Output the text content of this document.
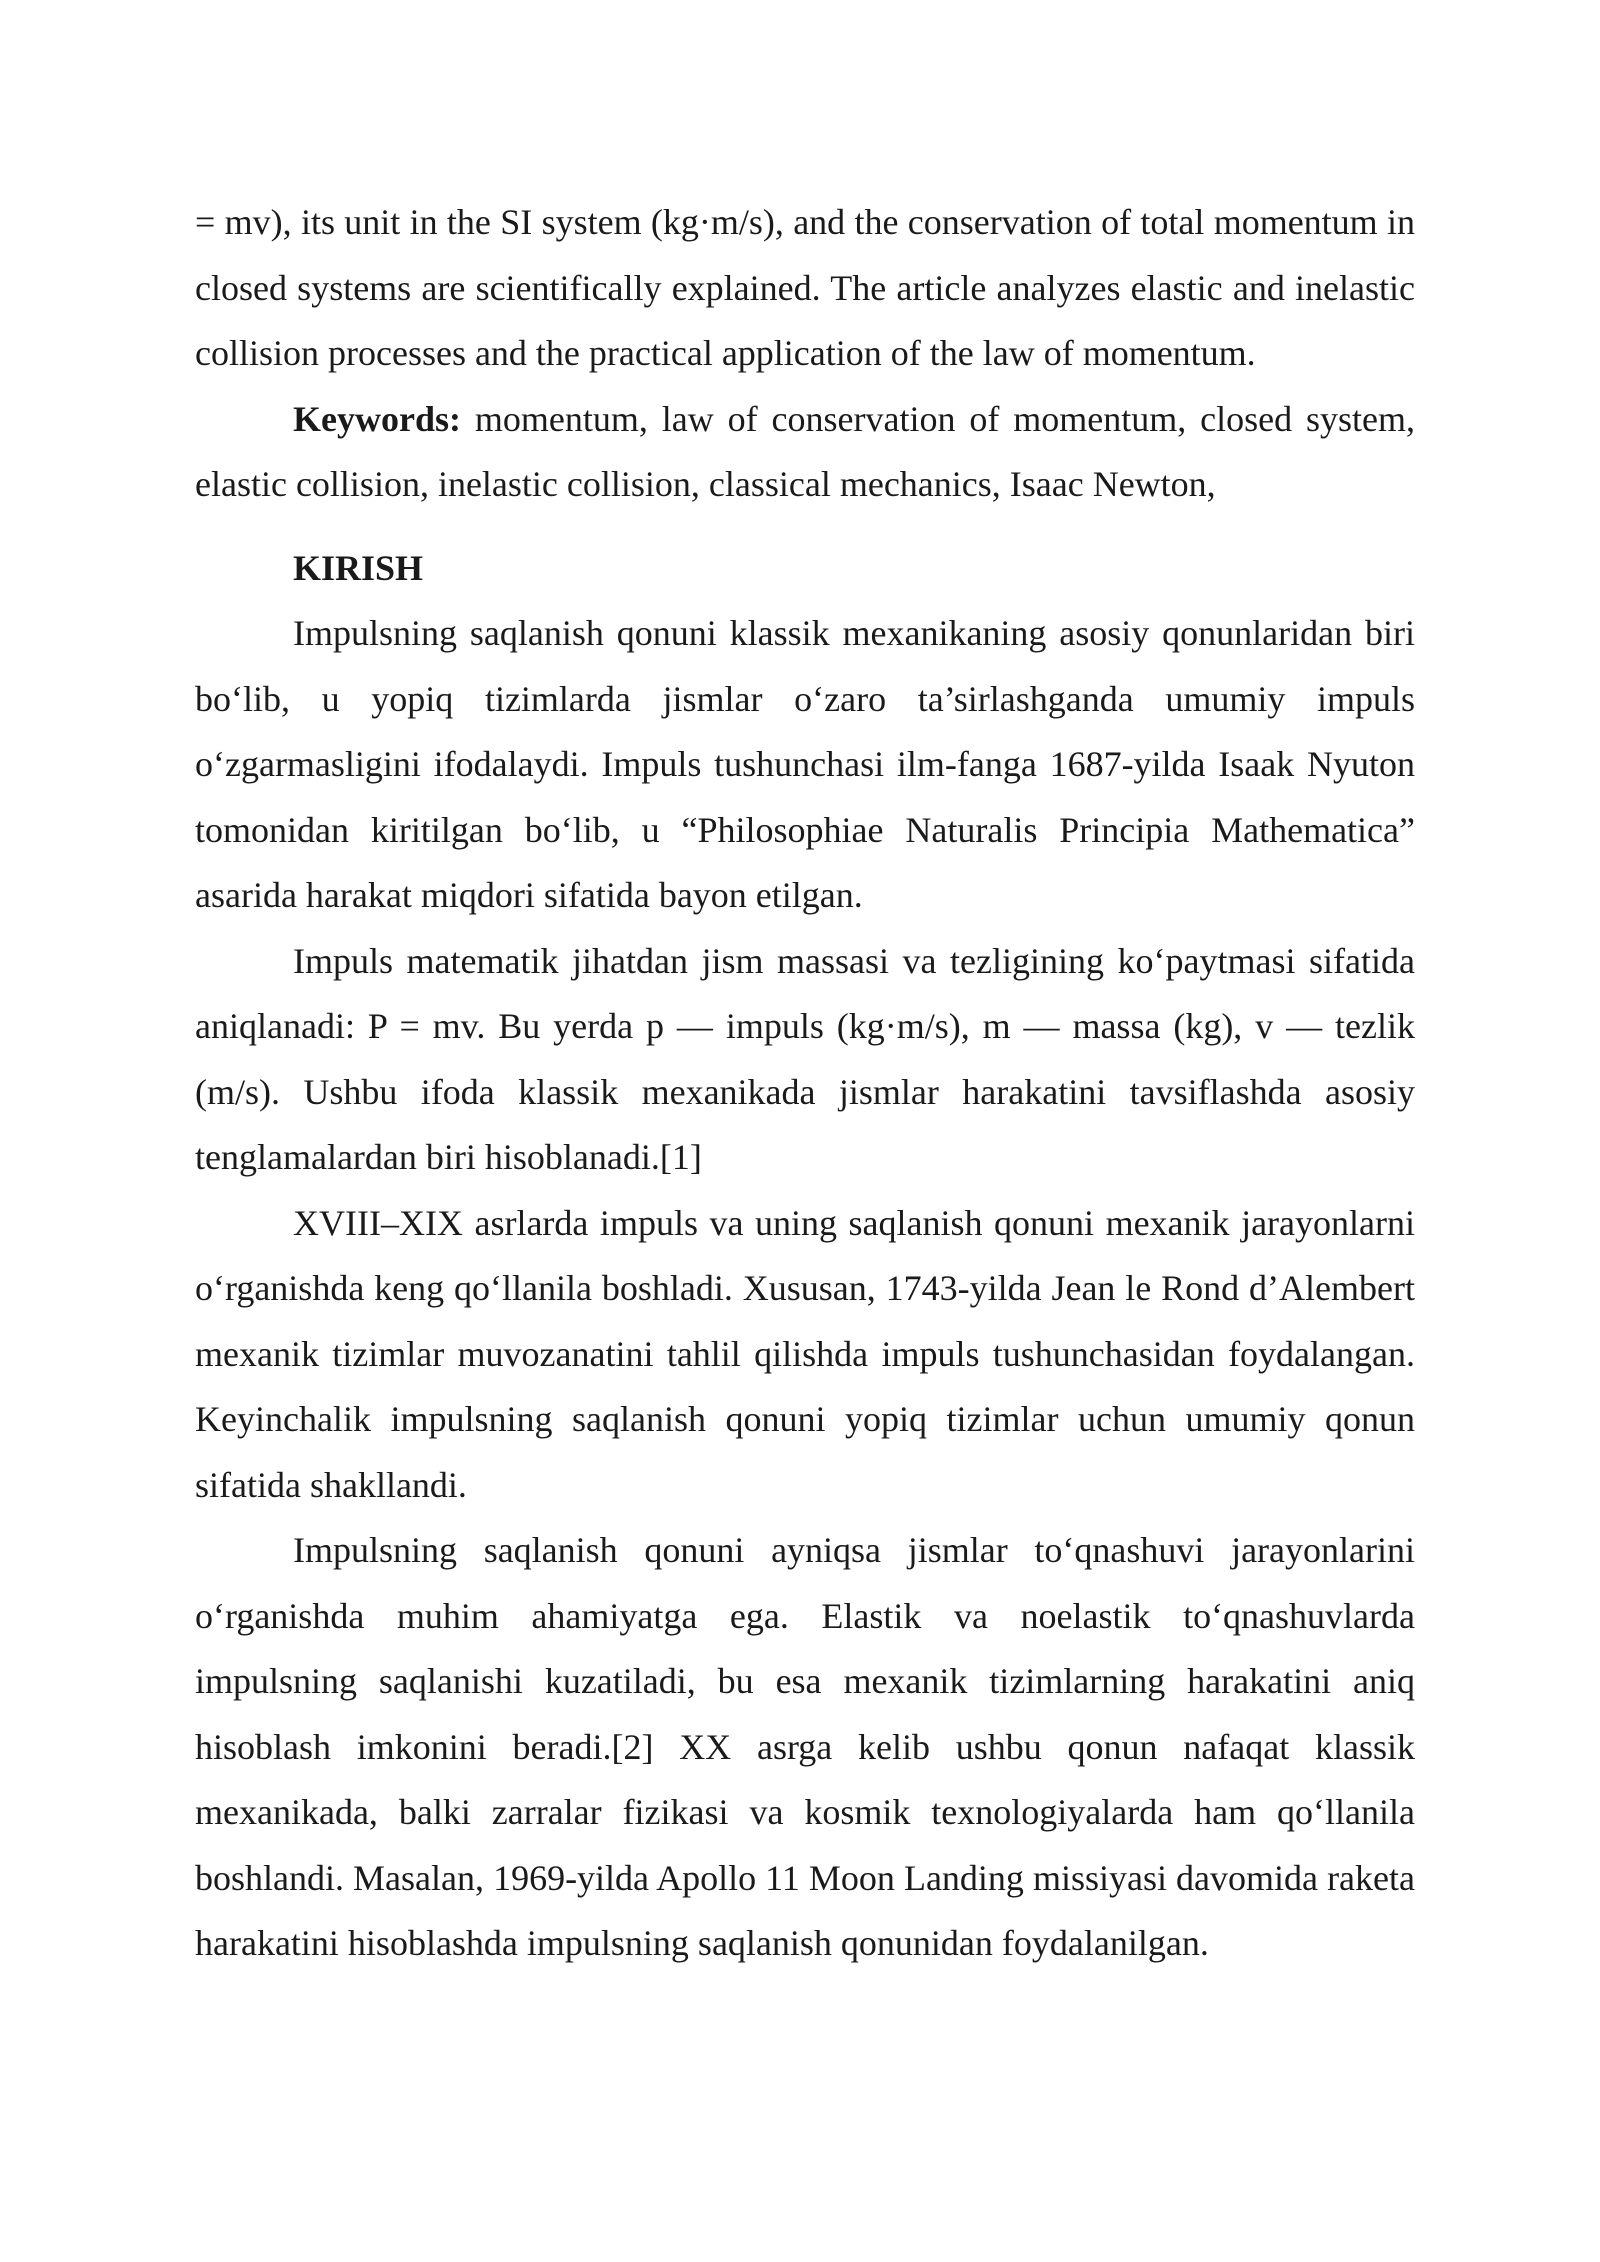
= mv), its unit in the SI system (kg·m/s), and the conservation of total momentum in closed systems are scientifically explained. The article analyzes elastic and inelastic collision processes and the practical application of the law of momentum.

Keywords: momentum, law of conservation of momentum, closed system, elastic collision, inelastic collision, classical mechanics, Isaac Newton,

KIRISH

Impulsning saqlanish qonuni klassik mexanikaning asosiy qonunlaridan biri bo‘lib, u yopiq tizimlarda jismlar o‘zaro ta’sirlashganda umumiy impuls o‘zgarmasligini ifodalaydi. Impuls tushunchasi ilm-fanga 1687-yilda Isaak Nyuton tomonidan kiritilgan bo‘lib, u “Philosophiae Naturalis Principia Mathematica” asarida harakat miqdori sifatida bayon etilgan.

Impuls matematik jihatdan jism massasi va tezligining ko‘paytmasi sifatida aniqlanadi: P = mv. Bu yerda p — impuls (kg·m/s), m — massa (kg), v — tezlik (m/s). Ushbu ifoda klassik mexanikada jismlar harakatini tavsiflashda asosiy tenglamalardan biri hisoblanadi.[1]

XVIII–XIX asrlarda impuls va uning saqlanish qonuni mexanik jarayonlarni o‘rganishda keng qo‘llanila boshladi. Xususan, 1743-yilda Jean le Rond d’Alembert mexanik tizimlar muvozanatini tahlil qilishda impuls tushunchasidan foydalangan. Keyinchalik impulsning saqlanish qonuni yopiq tizimlar uchun umumiy qonun sifatida shakllandi.

Impulsning saqlanish qonuni ayniqsa jismlar to‘qnashuvi jarayonlarini o‘rganishda muhim ahamiyatga ega. Elastik va noelastik to‘qnashuvlarda impulsning saqlanishi kuzatiladi, bu esa mexanik tizimlarning harakatini aniq hisoblash imkonini beradi.[2] XX asrga kelib ushbu qonun nafaqat klassik mexanikada, balki zarralar fizikasi va kosmik texnologiyalarda ham qo‘llanila boshlandi. Masalan, 1969-yilda Apollo 11 Moon Landing missiyasi davomida raketa harakatini hisoblashda impulsning saqlanish qonunidan foydalanilgan.
